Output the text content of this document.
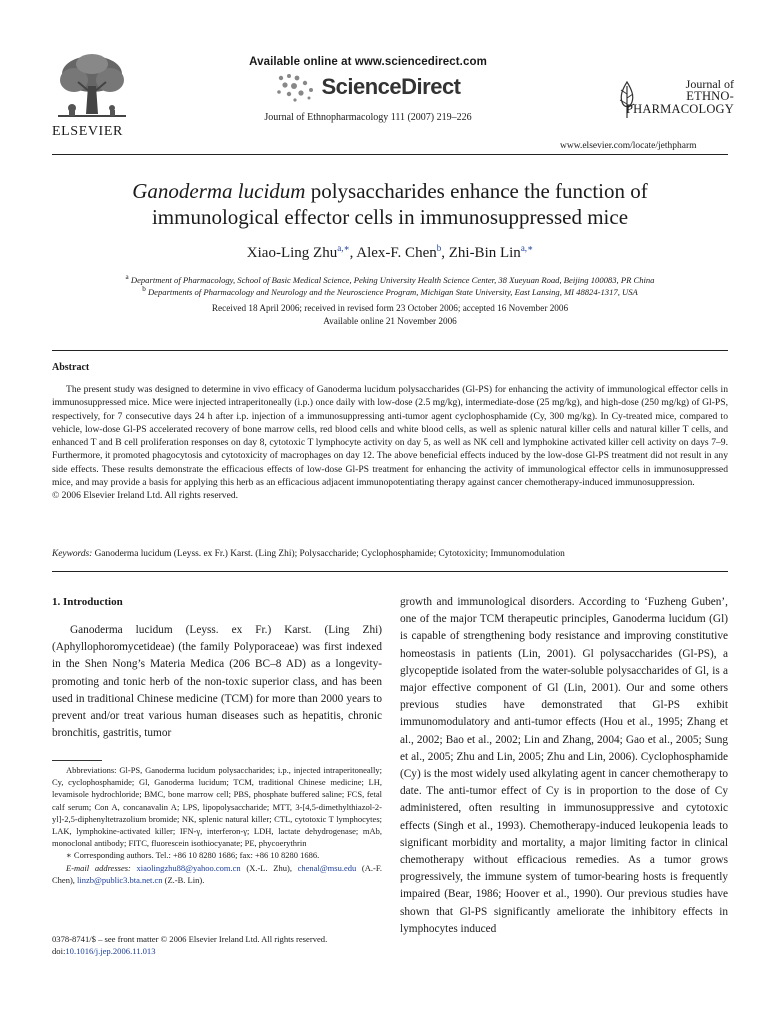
ELSEVIER
Available online at www.sciencedirect.com
ScienceDirect
Journal of Ethnopharmacology 111 (2007) 219–226
Journal of
ETHNO-
PHARMACOLOGY
www.elsevier.com/locate/jethpharm
Ganoderma lucidum polysaccharides enhance the function of
immunological effector cells in immunosuppressed mice
Xiao-Ling Zhu$^{a,∗}$, Alex-F. Chen$^b$, Zhi-Bin Lin$^{a,∗}$
$^a$ Department of Pharmacology, School of Basic Medical Science, Peking University Health Science Center, 38 Xueyuan Road, Beijing 100083, PR China
$^b$ Departments of Pharmacology and Neurology and the Neuroscience Program, Michigan State University, East Lansing, MI 48824-1317, USA
Received 18 April 2006; received in revised form 23 October 2006; accepted 16 November 2006
Available online 21 November 2006
Abstract

The present study was designed to determine in vivo efficacy of Ganoderma lucidum polysaccharides (Gl-PS) for enhancing the activity of immunological effector cells in immunosuppressed mice. Mice were injected intraperitoneally (i.p.) once daily with low-dose (2.5 mg/kg), intermediate-dose (25 mg/kg), and high-dose (250 mg/kg) of Gl-PS, respectively, for 7 consecutive days 24 h after i.p. injection of a immunosuppressing anti-tumor agent cyclophosphamide (Cy, 300 mg/kg). In Cy-treated mice, compared to vehicle, low-dose Gl-PS accelerated recovery of bone marrow cells, red blood cells and white blood cells, as well as splenic natural killer cells and natural killer T cells, and enhanced T and B cell proliferation responses on day 8, cytotoxic T lymphocyte activity on day 5, as well as NK cell and lymphokine activated killer cell activity on days 7–9. Furthermore, it promoted phagocytosis and cytotoxicity of macrophages on day 12. The above beneficial effects induced by the low-dose Gl-PS treatment did not result in any side effects. These results demonstrate the efficacious effects of low-dose Gl-PS treatment for enhancing the activity of immunological effector cells in immunosuppressed mice, and may provide a basis for applying this herb as an efficacious adjacent immunopotentiating therapy against cancer chemotherapy-induced immunosuppression.

© 2006 Elsevier Ireland Ltd. All rights reserved.
Keywords: Ganoderma lucidum (Leyss. ex Fr.) Karst. (Ling Zhi); Polysaccharide; Cyclophosphamide; Cytotoxicity; Immunomodulation
1. Introduction

Ganoderma lucidum (Leyss. ex Fr.) Karst. (Ling Zhi) (Aphyllophoromycetideae) (the family Polyporaceae) was first indexed in the Shen Nong’s Materia Medica (206 BC–8 AD) as a longevity-promoting and tonic herb of the non-toxic superior class, and has been used in traditional Chinese medicine (TCM) for more than 2000 years to prevent and/or treat various human diseases such as hepatitis, chronic bronchitis, gastritis, tumor

growth and immunological disorders. According to ‘Fuzheng Guben’, one of the major TCM therapeutic principles, Ganoderma lucidum (Gl) is capable of strengthening body resistance and improving constitutive homeostasis in patients (Lin, 2001). Gl polysaccharides (Gl-PS), a glycopeptide isolated from the water-soluble polysaccharides of Gl, is a major effective component of Gl (Lin, 2001). Our and some others previous studies have demonstrated that Gl-PS exhibit immunomodulatory and anti-tumor effects (Hou et al., 1995; Zhang et al., 2002; Bao et al., 2002; Lin and Zhang, 2004; Gao et al., 2005; Sung et al., 2005; Zhu and Lin, 2005; Zhu and Lin, 2006). Cyclophosphamide (Cy) is the most widely used alkylating agent in cancer chemotherapy to date. The anti-tumor effect of Cy is in proportion to the dose of Cy administered, often resulting in immunosuppressive and cytotoxic effects (Singh et al., 1993). Chemotherapy-induced leukopenia leads to significant morbidity and mortality, a major limiting factor in clinical chemotherapy without efficacious remedies. As a tumor grows progressively, the immune system of tumor-bearing hosts is frequently impaired (Bear, 1986; Hoover et al., 1990). Our previous studies have shown that Gl-PS significantly ameliorate the inhibitory effects in lymphocytes induced

Abbreviations: Gl-PS, Ganoderma lucidum polysaccharides; i.p., injected intraperitoneally; Cy, cyclophosphamide; Gl, Ganoderma lucidum; TCM, traditional Chinese medicine; LH, levamisole hydrochloride; BMC, bone marrow cell; PBS, phosphate buffered saline; FCS, fetal calf serum; Con A, concanavalin A; LPS, lipopolysaccharide; MTT, 3-[4,5-dimethylthiazol-2-yl]-2,5-diphenyltetrazolium bromide; NK, splenic natural killer; CTL, cytotoxic T lymphocytes; LAK, lymphokine-activated killer; IFN-γ, interferon-γ; LDH, lactate dehydrogenase; mAb, monoclonal antibody; FITC, fluorescein isothiocyanate; PE, phycoerythrin

∗ Corresponding authors. Tel.: +86 10 8280 1686; fax: +86 10 8280 1686.

E-mail addresses: xiaolingzhu88@yahoo.com.cn (X.-L. Zhu), chenal@msu.edu (A.-F. Chen), linzb@public3.bta.net.cn (Z.-B. Lin).

0378-8741/$ – see front matter © 2006 Elsevier Ireland Ltd. All rights reserved.
doi:10.1016/j.jep.2006.11.013
